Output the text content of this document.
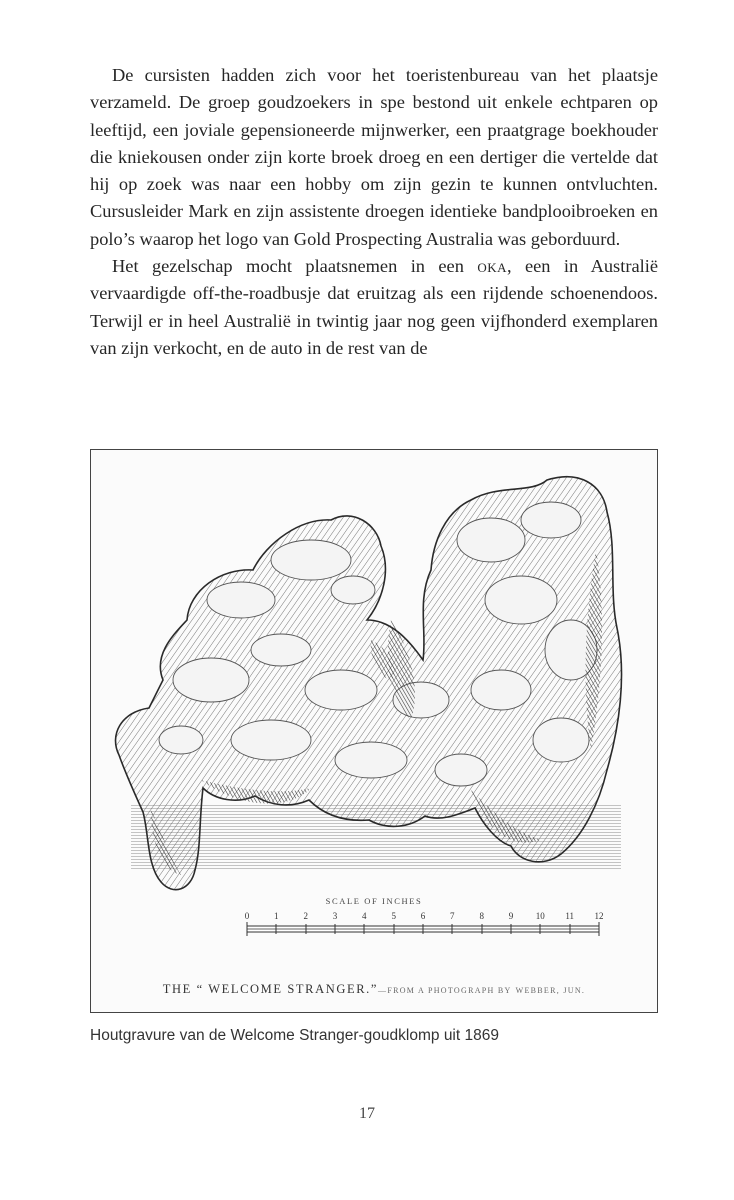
De cursisten hadden zich voor het toeristenbureau van het plaatsje verzameld. De groep goudzoekers in spe bestond uit enkele echtparen op leeftijd, een joviale gepensioneerde mijnwerker, een praatgrage boekhouder die kniekousen onder zijn korte broek droeg en een dertiger die vertelde dat hij op zoek was naar een hobby om zijn gezin te kunnen ontvluchten. Cursusleider Mark en zijn assistente droegen identieke bandplooibroeken en polo’s waarop het logo van Gold Prospecting Australia was geborduurd.

Het gezelschap mocht plaatsnemen in een oka, een in Australië vervaardigde off-the-roadbusje dat eruitzag als een rijdende schoenendoos. Terwijl er in heel Australië in twintig jaar nog geen vijfhonderd exemplaren van zijn verkocht, en de auto in de rest van de

SCALE OF INCHES
0	1	2	3	4	5	6	7	8	9	10 11 12
THE “ WELCOME STRANGER.”—FROM A PHOTOGRAPH BY WEBBER, JUN.
Houtgravure van de Welcome Stranger-goudklomp uit 1869
17
